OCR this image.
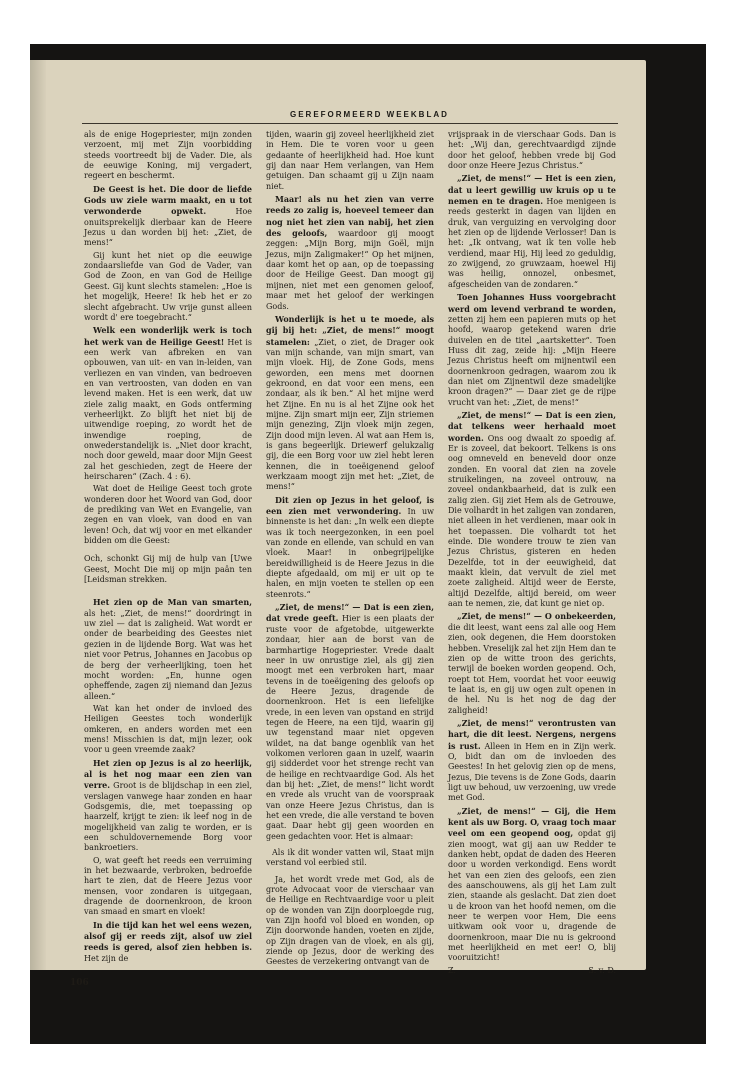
GEREFORMEERD WEEKBLAD

als de enige Hogepriester, mijn zonden verzoent, mij met Zijn voorbidding steeds voortreedt bij de Vader. Die, als de eeuwige Koning, mij vergadert, regeert en beschermt.

De Geest is het. Die door de liefde Gods uw ziele warm maakt, en u tot verwonderde opwekt. Hoe onuitsprekelijk dierbaar kan de Heere Jezus u dan worden bij het: „Ziet, de mens!“

Gij kunt het niet op die eeuwige zondaarsliefde van God de Vader, van God de Zoon, en van God de Heilige Geest. Gij kunt slechts stamelen: „Hoe is het mogelijk, Heere! Ik heb het er zo slecht afgebracht. Uw vrije gunst alleen wordt d' ere toegebracht.“

Welk een wonderlijk werk is toch het werk van de Heilige Geest! Het is een werk van afbreken en van opbouwen, van uit- en van in-leiden, van verliezen en van vinden, van bedroeven en van vertroosten, van doden en van levend maken. Het is een werk, dat uw ziele zalig maakt, en Gods ontferming verheerlijkt. Zo blijft het niet bij de uitwendige roeping, zo wordt het de inwendige roeping, de onwederstandelijk is. „Niet door kracht, noch door geweld, maar door Mijn Geest zal het geschieden, zegt de Heere der heirscharen“ (Zach. 4 : 6).

Wat doet de Heilige Geest toch grote wonderen door het Woord van God, door de prediking van Wet en Evangelie, van zegen en van vloek, van dood en van leven! Och, dat wij voor en met elkander bidden om die Geest:

Och, schonkt Gij mij de hulp van [Uwe Geest, Mocht Die mij op mijn paân ten [Leidsman strekken.

Het zien op de Man van smarten, als het: „Ziet, de mens!“ doordringt in uw ziel — dat is zaligheid. Wat wordt er onder de bearbeiding des Geestes niet gezien in de lijdende Borg. Wat was het niet voor Petrus, Johannes en Jacobus op de berg der verheerlijking, toen het mocht worden: „En, hunne ogen opheffende, zagen zij niemand dan Jezus alleen.“

Wat kan het onder de invloed des Heiligen Geestes toch wonderlijk omkeren, en anders worden met een mens! Misschien is dat, mijn lezer, ook voor u geen vreemde zaak?

Het zien op Jezus is al zo heerlijk, al is het nog maar een zien van verre. Groot is de blijdschap in een ziel, verslagen vanwege haar zonden en haar Godsgemis, die, met toepassing op haarzelf, krijgt te zien: ik leef nog in de mogelijkheid van zalig te worden, er is een schuldovernemende Borg voor bankroetiers.

O, wat geeft het reeds een verruiming in het bezwaarde, verbroken, bedroefde hart te zien, dat de Heere Jezus voor mensen, voor zondaren is uitgegaan, dragende de doornenkroon, de kroon van smaad en smart en vloek!

In die tijd kan het wel eens wezen, alsof gij er reeds zijt, alsof uw ziel reeds is gered, alsof zien hebben is. Het zijn de

tijden, waarin gij zoveel heerlijkheid ziet in Hem. Die te voren voor u geen gedaante of heerlijkheid had. Hoe kunt gij dan naar Hem verlangen, van Hem getuigen. Dan schaamt gij u Zijn naam niet.

Maar! als nu het zien van verre reeds zo zalig is, hoeveel temeer dan nog niet het zien van nabij, het zien des geloofs, waardoor gij moogt zeggen: „Mijn Borg, mijn Goël, mijn Jezus, mijn Zaligmaker!“ Op het mijnen, daar komt het op aan, op de toepassing door de Heilige Geest. Dan moogt gij mijnen, niet met een genomen geloof, maar met het geloof der werkingen Gods.

Wonderlijk is het u te moede, als gij bij het: „Ziet, de mens!“ moogt stamelen: „Ziet, o ziet, de Drager ook van mijn schande, van mijn smart, van mijn vloek. Hij, de Zone Gods, mens geworden, een mens met doornen gekroond, en dat voor een mens, een zondaar, als ik ben.“ Al het mijne werd het Zijne. En nu is al het Zijne ook het mijne. Zijn smart mijn eer, Zijn striemen mijn genezing, Zijn vloek mijn zegen, Zijn dood mijn leven. Al wat aan Hem is, is gans begeerlijk. Driewerf gelukzalig gij, die een Borg voor uw ziel hebt leren kennen, die in toeëigenend geloof werkzaam moogt zijn met het: „Ziet, de mens!“

Dit zien op Jezus in het geloof, is een zien met verwondering. In uw binnenste is het dan: „In welk een diepte was ik toch neergezonken, in een poel van zonde en ellende, van schuld en van vloek. Maar! in onbegrijpelijke bereidwilligheid is de Heere Jezus in die diepte afgedaald, om mij er uit op te halen, en mijn voeten te stellen op een steenrots.“

„Ziet, de mens!“ — Dat is een zien, dat vrede geeft. Hier is een plaats der ruste voor de afgetobde, uitgewerkte zondaar, hier aan de borst van de barmhartige Hogepriester. Vrede daalt neer in uw onrustige ziel, als gij zien moogt met een verbroken hart, maar tevens in de toeëigening des geloofs op de Heere Jezus, dragende de doornenkroon. Het is een liefelijke vrede, in een leven van opstand en strijd tegen de Heere, na een tijd, waarin gij uw tegenstand maar niet opgeven wildet, na dat bange ogenblik van het volkomen verloren gaan in uzelf, waarin gij sidderdet voor het strenge recht van de heilige en rechtvaardige God. Als het dan bij het: „Ziet, de mens!“ licht wordt en vrede als vrucht van de voorspraak van onze Heere Jezus Christus, dan is het een vrede, die alle verstand te boven gaat. Daar hebt gij geen woorden en geen gedachten voor. Het is almaar:

Als ik dit wonder vatten wil, Staat mijn verstand vol eerbied stil.

Ja, het wordt vrede met God, als de grote Advocaat voor de vierschaar van de Heilige en Rechtvaardige voor u pleit op de wonden van Zijn doorploegde rug, van Zijn hoofd vol bloed en wonden, op Zijn doorwonde handen, voeten en zijde, op Zijn dragen van de vloek, en als gij, ziende op Jezus, door de werking des Geestes de verzekering ontvangt van de

vrijspraak in de vierschaar Gods. Dan is het: „Wij dan, gerechtvaardigd zijnde door het geloof, hebben vrede bij God door onze Heere Jezus Christus.“

„Ziet, de mens!“ — Het is een zien, dat u leert gewillig uw kruis op u te nemen en te dragen. Hoe menigeen is reeds gesterkt in dagen van lijden en druk, van verguizing en vervolging door het zien op de lijdende Verlosser! Dan is het: „Ik ontvang, wat ik ten volle heb verdiend, maar Hij, Hij leed zo geduldig, zo zwijgend, zo gruwzaam, hoewel Hij was heilig, onnozel, onbesmet, afgescheiden van de zondaren.“

Toen Johannes Huss voorgebracht werd om levend verbrand te worden, zetten zij hem een papieren muts op het hoofd, waarop getekend waren drie duivelen en de titel „aartsketter“. Toen Huss dit zag, zeide hij: „Mijn Heere Jezus Christus heeft om mijnentwil een doornenkroon gedragen, waarom zou ik dan niet om Zijnentwil deze smadelijke kroon dragen?“ — Daar ziet ge de rijpe vrucht van het: „Ziet, de mens!“

„Ziet, de mens!“ — Dat is een zien, dat telkens weer herhaald moet worden. Ons oog dwaalt zo spoedig af. Er is zoveel, dat bekoort. Telkens is ons oog omneveld en beneveld door onze zonden. En vooral dat zien na zovele struikelingen, na zoveel ontrouw, na zoveel ondankbaarheid, dat is zulk een zalig zien. Gij ziet Hem als de Getrouwe, Die volhardt in het zaligen van zondaren, niet alleen in het verdienen, maar ook in het toepassen. Die volhardt tot het einde. Die wondere trouw te zien van Jezus Christus, gisteren en heden Dezelfde, tot in der eeuwigheid, dat maakt klein, dat vervult de ziel met zoete zaligheid. Altijd weer de Eerste, altijd Dezelfde, altijd bereid, om weer aan te nemen, zie, dat kunt ge niet op.

„Ziet, de mens!“ — O onbekeerden, die dit leest, want eens zal alle oog Hem zien, ook degenen, die Hem doorstoken hebben. Vreselijk zal het zijn Hem dan te zien op de witte troon des gerichts, terwijl de boeken worden geopend. Och, roept tot Hem, voordat het voor eeuwig te laat is, en gij uw ogen zult openen in de hel. Nu is het nog de dag der zaligheid!

„Ziet, de mens!“ verontrusten van hart, die dit leest. Nergens, nergens is rust. Alleen in Hem en in Zijn werk. O, bidt dan om de invloeden des Geestes! In het gelovig zien op de mens, Jezus, Die tevens is de Zone Gods, daarin ligt uw behoud, uw verzoening, uw vrede met God.

„Ziet, de mens!“ — Gij, die Hem kent als uw Borg. O, vraag toch maar veel om een geopend oog, opdat gij zien moogt, wat gij aan uw Redder te danken hebt, opdat de daden des Heeren door u worden verkondigd. Eens wordt het van een zien des geloofs, een zien des aanschouwens, als gij het Lam zult zien, staande als geslacht. Dat zien doet u de kroon van het hoofd nemen, om die neer te werpen voor Hem, Die eens uitkwam ook voor u, dragende de doornenkroon, maar Die nu is gekroond met heerlijkheid en met eer! O, blij vooruitzicht!

Z.	S. v. D.

106
